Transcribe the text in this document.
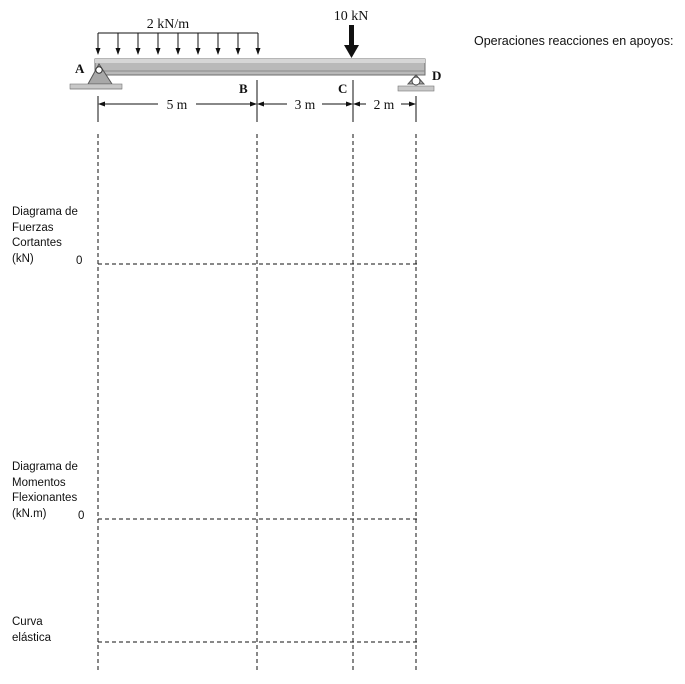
2 kN/m
10 kN
A
B	C
D
5 m	3 m	2 m
Operaciones reacciones en apoyos:
Diagrama de
Fuerzas
Cortantes
(kN)	0
Diagrama de
Momentos
Flexionantes
(kN.m)	0
Curva
elástica
